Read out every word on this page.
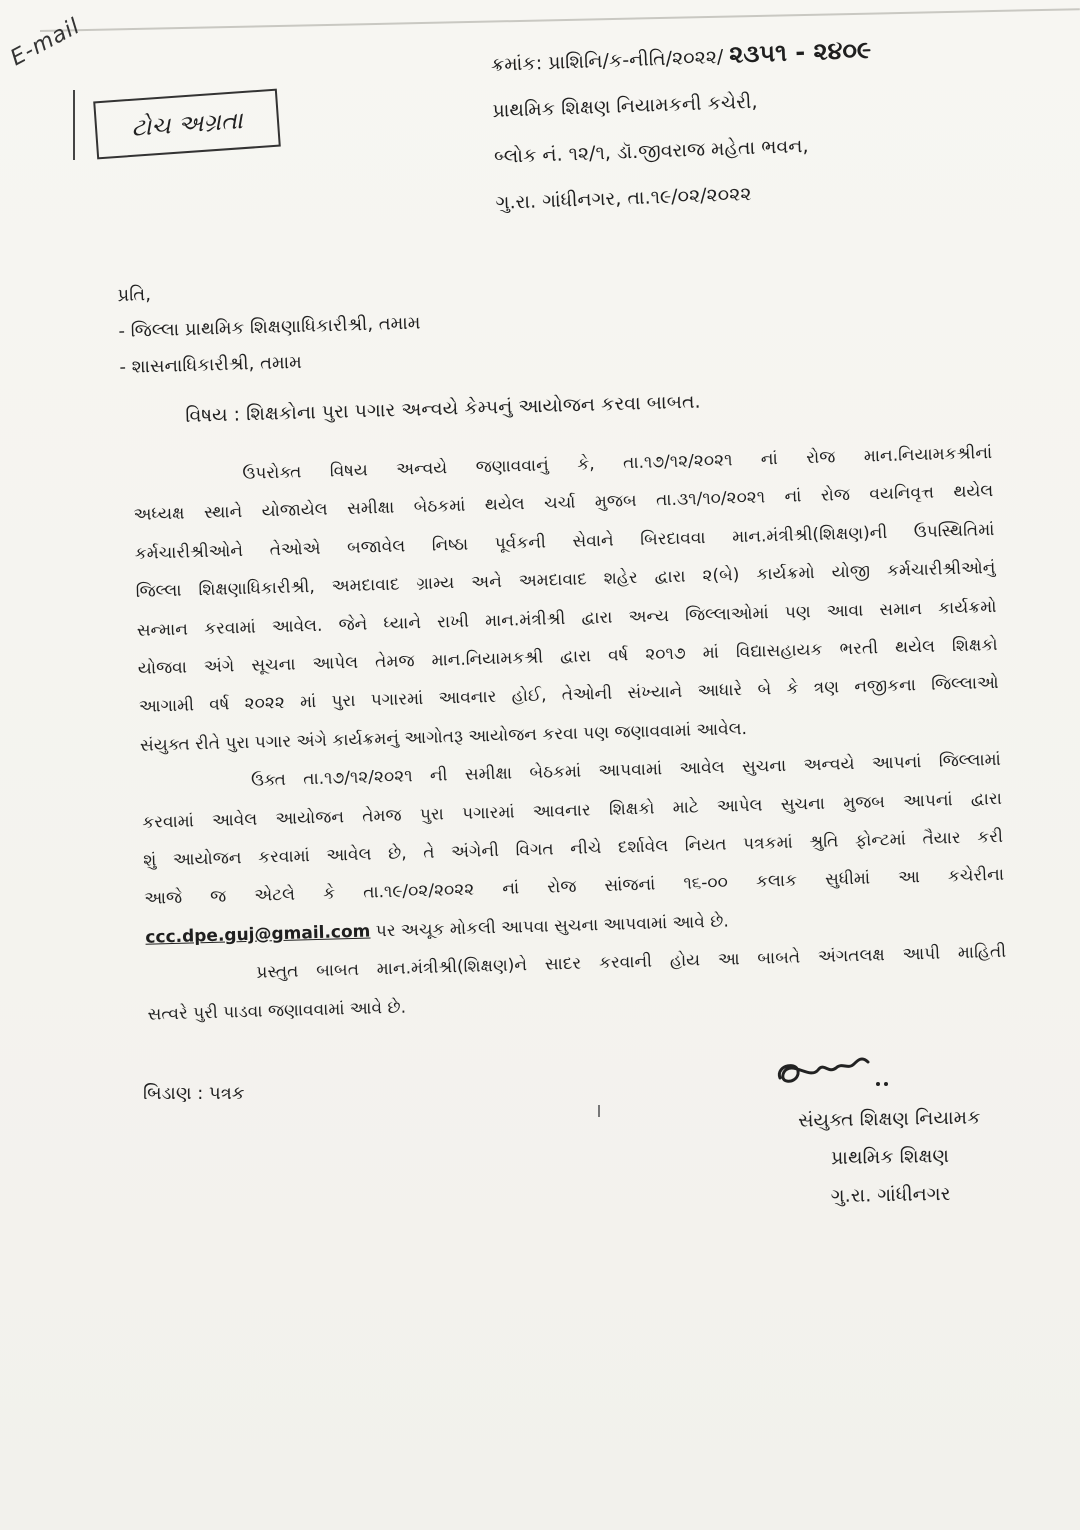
E-mail
ટોચ અગ્રતા
ક્રમાંક: પ્રાશિનિ/ક-નીતિ/૨૦૨૨/ ૨૩૫૧ - ૨૪૦૯
પ્રાથમિક શિક્ષણ નિયામકની કચેરી,
બ્લોક નં. ૧૨/૧, ડૉ.જીવરાજ મહેતા ભવન,
ગુ.રા. ગાંધીનગર, તા.૧૯/૦૨/૨૦૨૨
પ્રતિ,
- જિલ્લા પ્રાથમિક શિક્ષણાધિકારીશ્રી, તમામ
- શાસનાધિકારીશ્રી, તમામ
વિષય : શિક્ષકોના પુરા પગાર અન્વયે કેમ્પનું આયોજન કરવા બાબત.
ઉપરોક્ત વિષય અન્વયે જણાવવાનું કે, તા.૧૭/૧૨/૨૦૨૧ નાં રોજ માન.નિયામકશ્રીનાં
અધ્યક્ષ સ્થાને યોજાયેલ સમીક્ષા બેઠકમાં થયેલ ચર્ચા મુજબ તા.૩૧/૧૦/૨૦૨૧ નાં રોજ વયનિવૃત્ત થયેલ
કર્મચારીશ્રીઓને તેઓએ બજાવેલ નિષ્ઠા પૂર્વકની સેવાને બિરદાવવા માન.મંત્રીશ્રી(શિક્ષણ)ની ઉપસ્થિતિમાં
જિલ્લા શિક્ષણાધિકારીશ્રી, અમદાવાદ ગ્રામ્ય અને અમદાવાદ શહેર દ્વારા ૨(બે) કાર્યક્રમો યોજી કર્મચારીશ્રીઓનું
સન્માન કરવામાં આવેલ. જેને ધ્યાને રાખી માન.મંત્રીશ્રી દ્વારા અન્ય જિલ્લાઓમાં પણ આવા સમાન કાર્યક્રમો
યોજવા અંગે સૂચના આપેલ તેમજ માન.નિયામકશ્રી દ્વારા વર્ષ ૨૦૧૭ માં વિદ્યાસહાયક ભરતી થયેલ શિક્ષકો
આગામી વર્ષ ૨૦૨૨ માં પુરા પગારમાં આવનાર હોઈ, તેઓની સંખ્યાને આધારે બે કે ત્રણ નજીકના જિલ્લાઓ
સંયુક્ત રીતે પુરા પગાર અંગે કાર્યક્રમનું આગોતરૂ આયોજન કરવા પણ જણાવવામાં આવેલ.
ઉક્ત તા.૧૭/૧૨/૨૦૨૧ ની સમીક્ષા બેઠકમાં આપવામાં આવેલ સુચના અન્વયે આપનાં જિલ્લામાં
કરવામાં આવેલ આયોજન તેમજ પુરા પગારમાં આવનાર શિક્ષકો માટે આપેલ સુચના મુજબ આપનાં દ્વારા
શું આયોજન કરવામાં આવેલ છે, તે અંગેની વિગત નીચે દર્શાવેલ નિયત પત્રકમાં શ્રુતિ ફોન્ટમાં તૈયાર કરી
આજે જ એટલે કે તા.૧૯/૦૨/૨૦૨૨ નાં રોજ સાંજનાં ૧૬-૦૦ કલાક સુધીમાં આ કચેરીના
ccc.dpe.guj@gmail.com પર અચૂક મોકલી આપવા સુચના આપવામાં આવે છે.
પ્રસ્તુત બાબત માન.મંત્રીશ્રી(શિક્ષણ)ને સાદર કરવાની હોય આ બાબતે અંગતલક્ષ આપી માહિતી
સત્વરે પુરી પાડવા જણાવવામાં આવે છે.
બિડાણ : પત્રક
સંયુક્ત શિક્ષણ નિયામક
પ્રાથમિક શિક્ષણ
ગુ.રા. ગાંધીનગર
